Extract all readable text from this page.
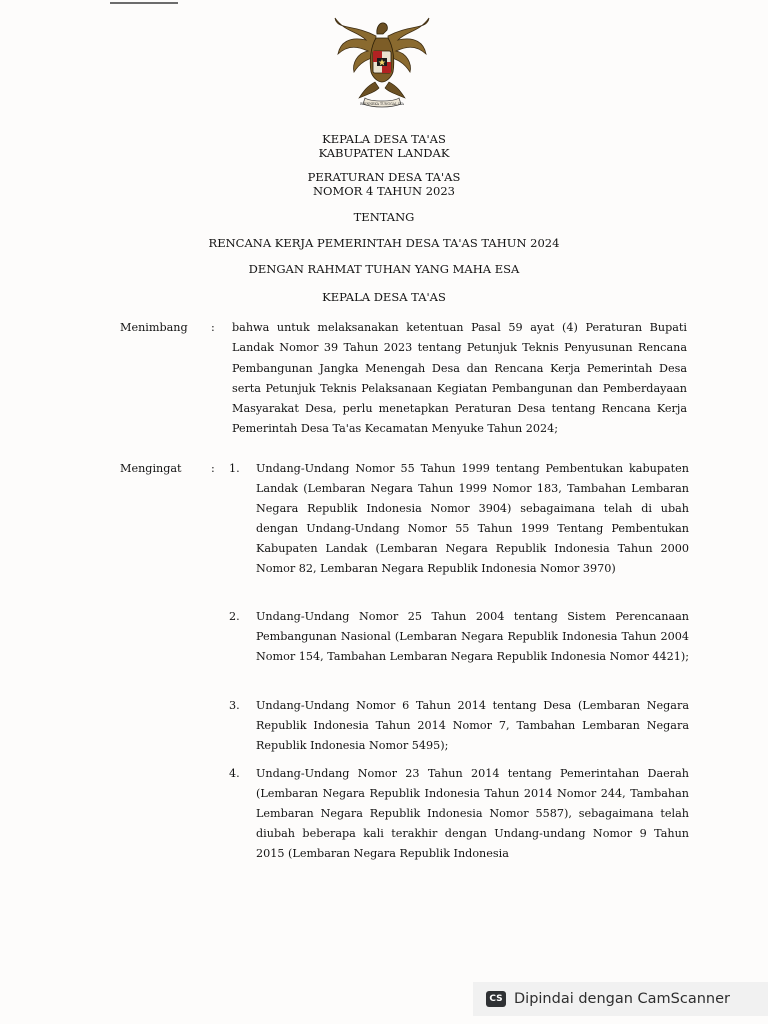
BHINNEKA TUNGGAL IKA

KEPALA DESA TA'AS

KABUPATEN LANDAK

PERATURAN DESA TA'AS

NOMOR 4 TAHUN 2023

TENTANG

RENCANA KERJA PEMERINTAH DESA TA'AS TAHUN 2024

DENGAN RAHMAT TUHAN YANG MAHA ESA

KEPALA DESA TA'AS

Menimbang : bahwa untuk melaksanakan ketentuan Pasal 59 ayat (4) Peraturan Bupati Landak Nomor 39 Tahun 2023 tentang Petunjuk Teknis Penyusunan Rencana Pembangunan Jangka Menengah Desa dan Rencana Kerja Pemerintah Desa serta Petunjuk Teknis Pelaksanaan Kegiatan Pembangunan dan Pemberdayaan Masyarakat Desa, perlu menetapkan Peraturan Desa tentang Rencana Kerja Pemerintah Desa Ta'as Kecamatan Menyuke Tahun 2024;

Mengingat	: 1. Undang-Undang Nomor 55 Tahun 1999 tentang Pembentukan kabupaten Landak (Lembaran Negara Tahun 1999 Nomor 183, Tambahan Lembaran Negara Republik Indonesia Nomor 3904) sebagaimana telah di ubah dengan Undang-Undang Nomor 55 Tahun 1999 Tentang Pembentukan Kabupaten Landak (Lembaran Negara Republik Indonesia Tahun 2000 Nomor 82, Lembaran Negara Republik Indonesia Nomor 3970)
2. Undang-Undang Nomor 25 Tahun 2004 tentang Sistem Perencanaan Pembangunan Nasional (Lembaran Negara Republik Indonesia Tahun 2004 Nomor 154, Tambahan Lembaran Negara Republik Indonesia Nomor 4421);
3. Undang-Undang Nomor 6 Tahun 2014 tentang Desa (Lembaran Negara Republik Indonesia Tahun 2014 Nomor 7, Tambahan Lembaran Negara Republik Indonesia Nomor 5495);
4. Undang-Undang Nomor 23 Tahun 2014 tentang Pemerintahan Daerah (Lembaran Negara Republik Indonesia Tahun 2014 Nomor 244, Tambahan Lembaran Negara Republik Indonesia Nomor 5587), sebagaimana telah diubah beberapa kali terakhir dengan Undang-undang Nomor 9 Tahun 2015 (Lembaran Negara Republik Indonesia
CS Dipindai dengan CamScanner
